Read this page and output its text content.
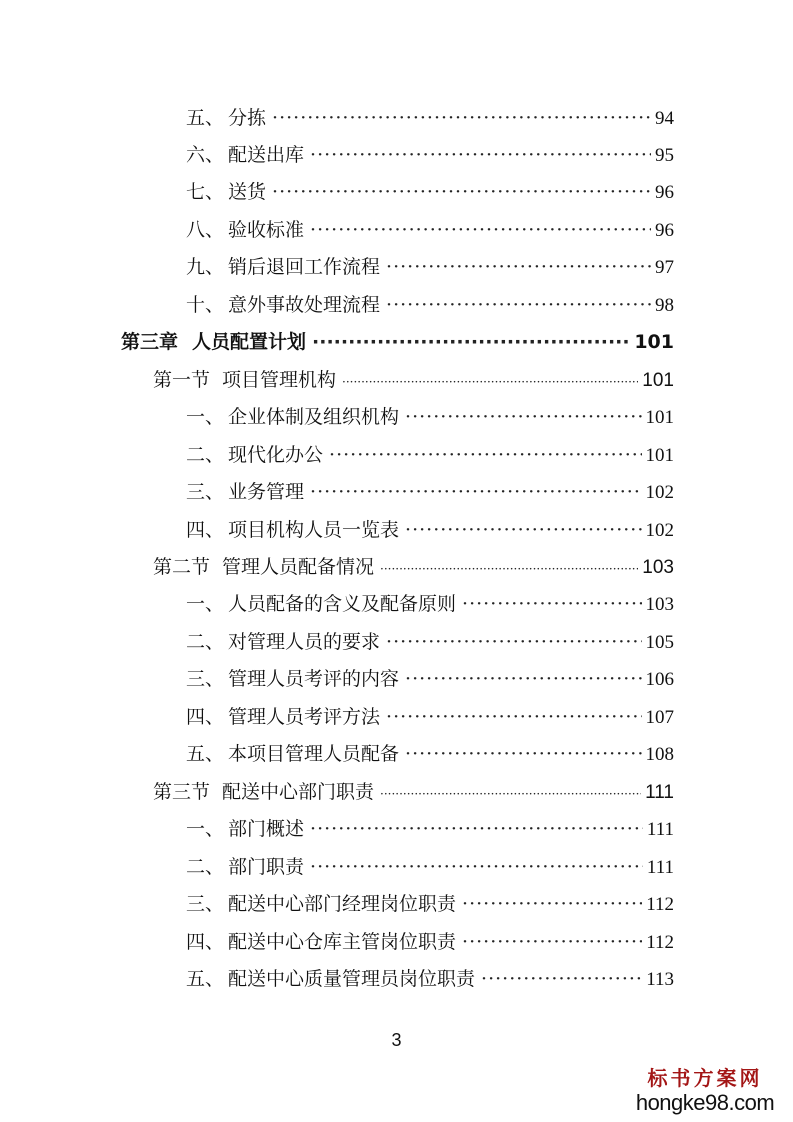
五、 分拣 ·····	94
六、 配送出库 ·····	95
七、 送货 ·····	96
八、 验收标准 ·····	96
九、 销后退回工作流程 ·····	97
十、 意外事故处理流程 ·····	98
第三章 人员配置计划 ·····	101
第一节 项目管理机构 ·····	101
一、 企业体制及组织机构 ·····	101
二、 现代化办公 ·····	101
三、 业务管理 ·····	102
四、 项目机构人员一览表 ·····	102
第二节 管理人员配备情况 ·····	103
一、 人员配备的含义及配备原则 ·····	103
二、 对管理人员的要求 ·····	105
三、 管理人员考评的内容 ·····	106
四、 管理人员考评方法 ·····	107
五、 本项目管理人员配备 ·····	108
第三节 配送中心部门职责 ·····	111
一、 部门概述 ·····	111
二、 部门职责 ·····	111
三、 配送中心部门经理岗位职责 ·····	112
四、 配送中心仓库主管岗位职责 ·····	112
五、 配送中心质量管理员岗位职责 ·····	113
3
标书方案网
hongke98.com
